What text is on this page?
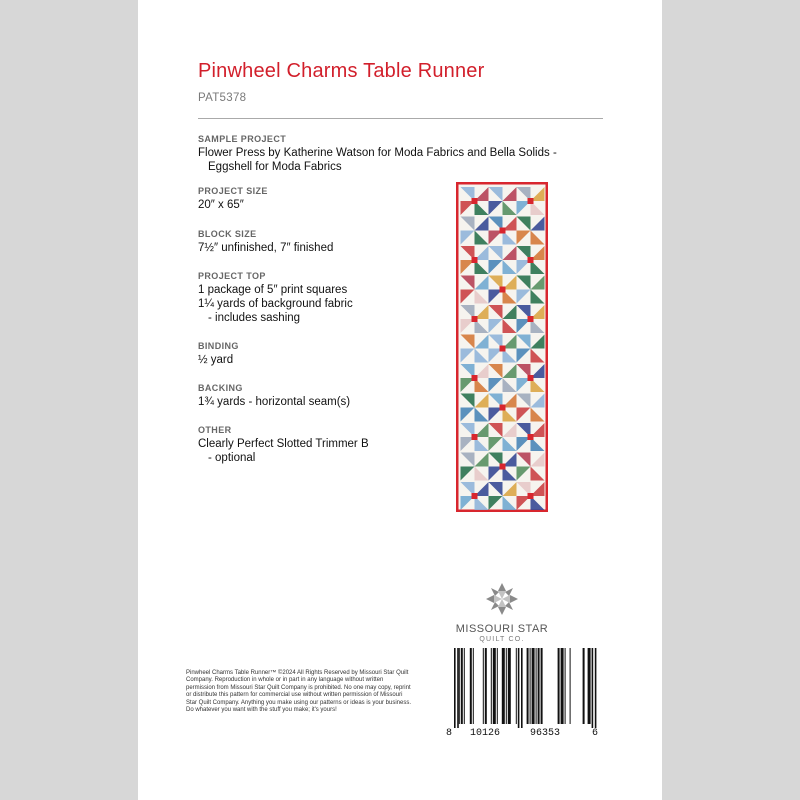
Pinwheel Charms Table Runner
PAT5378
SAMPLE PROJECT
Flower Press by Katherine Watson for Moda Fabrics and Bella Solids -
Eggshell for Moda Fabrics
PROJECT SIZE
20″ x 65″
BLOCK SIZE
7½″ unfinished, 7″ finished
PROJECT TOP
1 package of 5″ print squares
1¼ yards of background fabric
- includes sashing
BINDING
½ yard
BACKING
1¾ yards - horizontal seam(s)
OTHER
Clearly Perfect Slotted Trimmer B
- optional
MISSOURI STAR
QUILT CO.
Pinwheel Charms Table Runner™ ©2024 All Rights Reserved by Missouri Star Quilt Company. Reproduction in whole or in part in any language without written permission from Missouri Star Quilt Company is prohibited. No one may copy, reprint or distribute this pattern for commercial use without written permission of Missouri Star Quilt Company. Anything you make using our patterns or ideas is your business. Do whatever you want with the stuff you make; it's yours!
8 10126	96353	6
